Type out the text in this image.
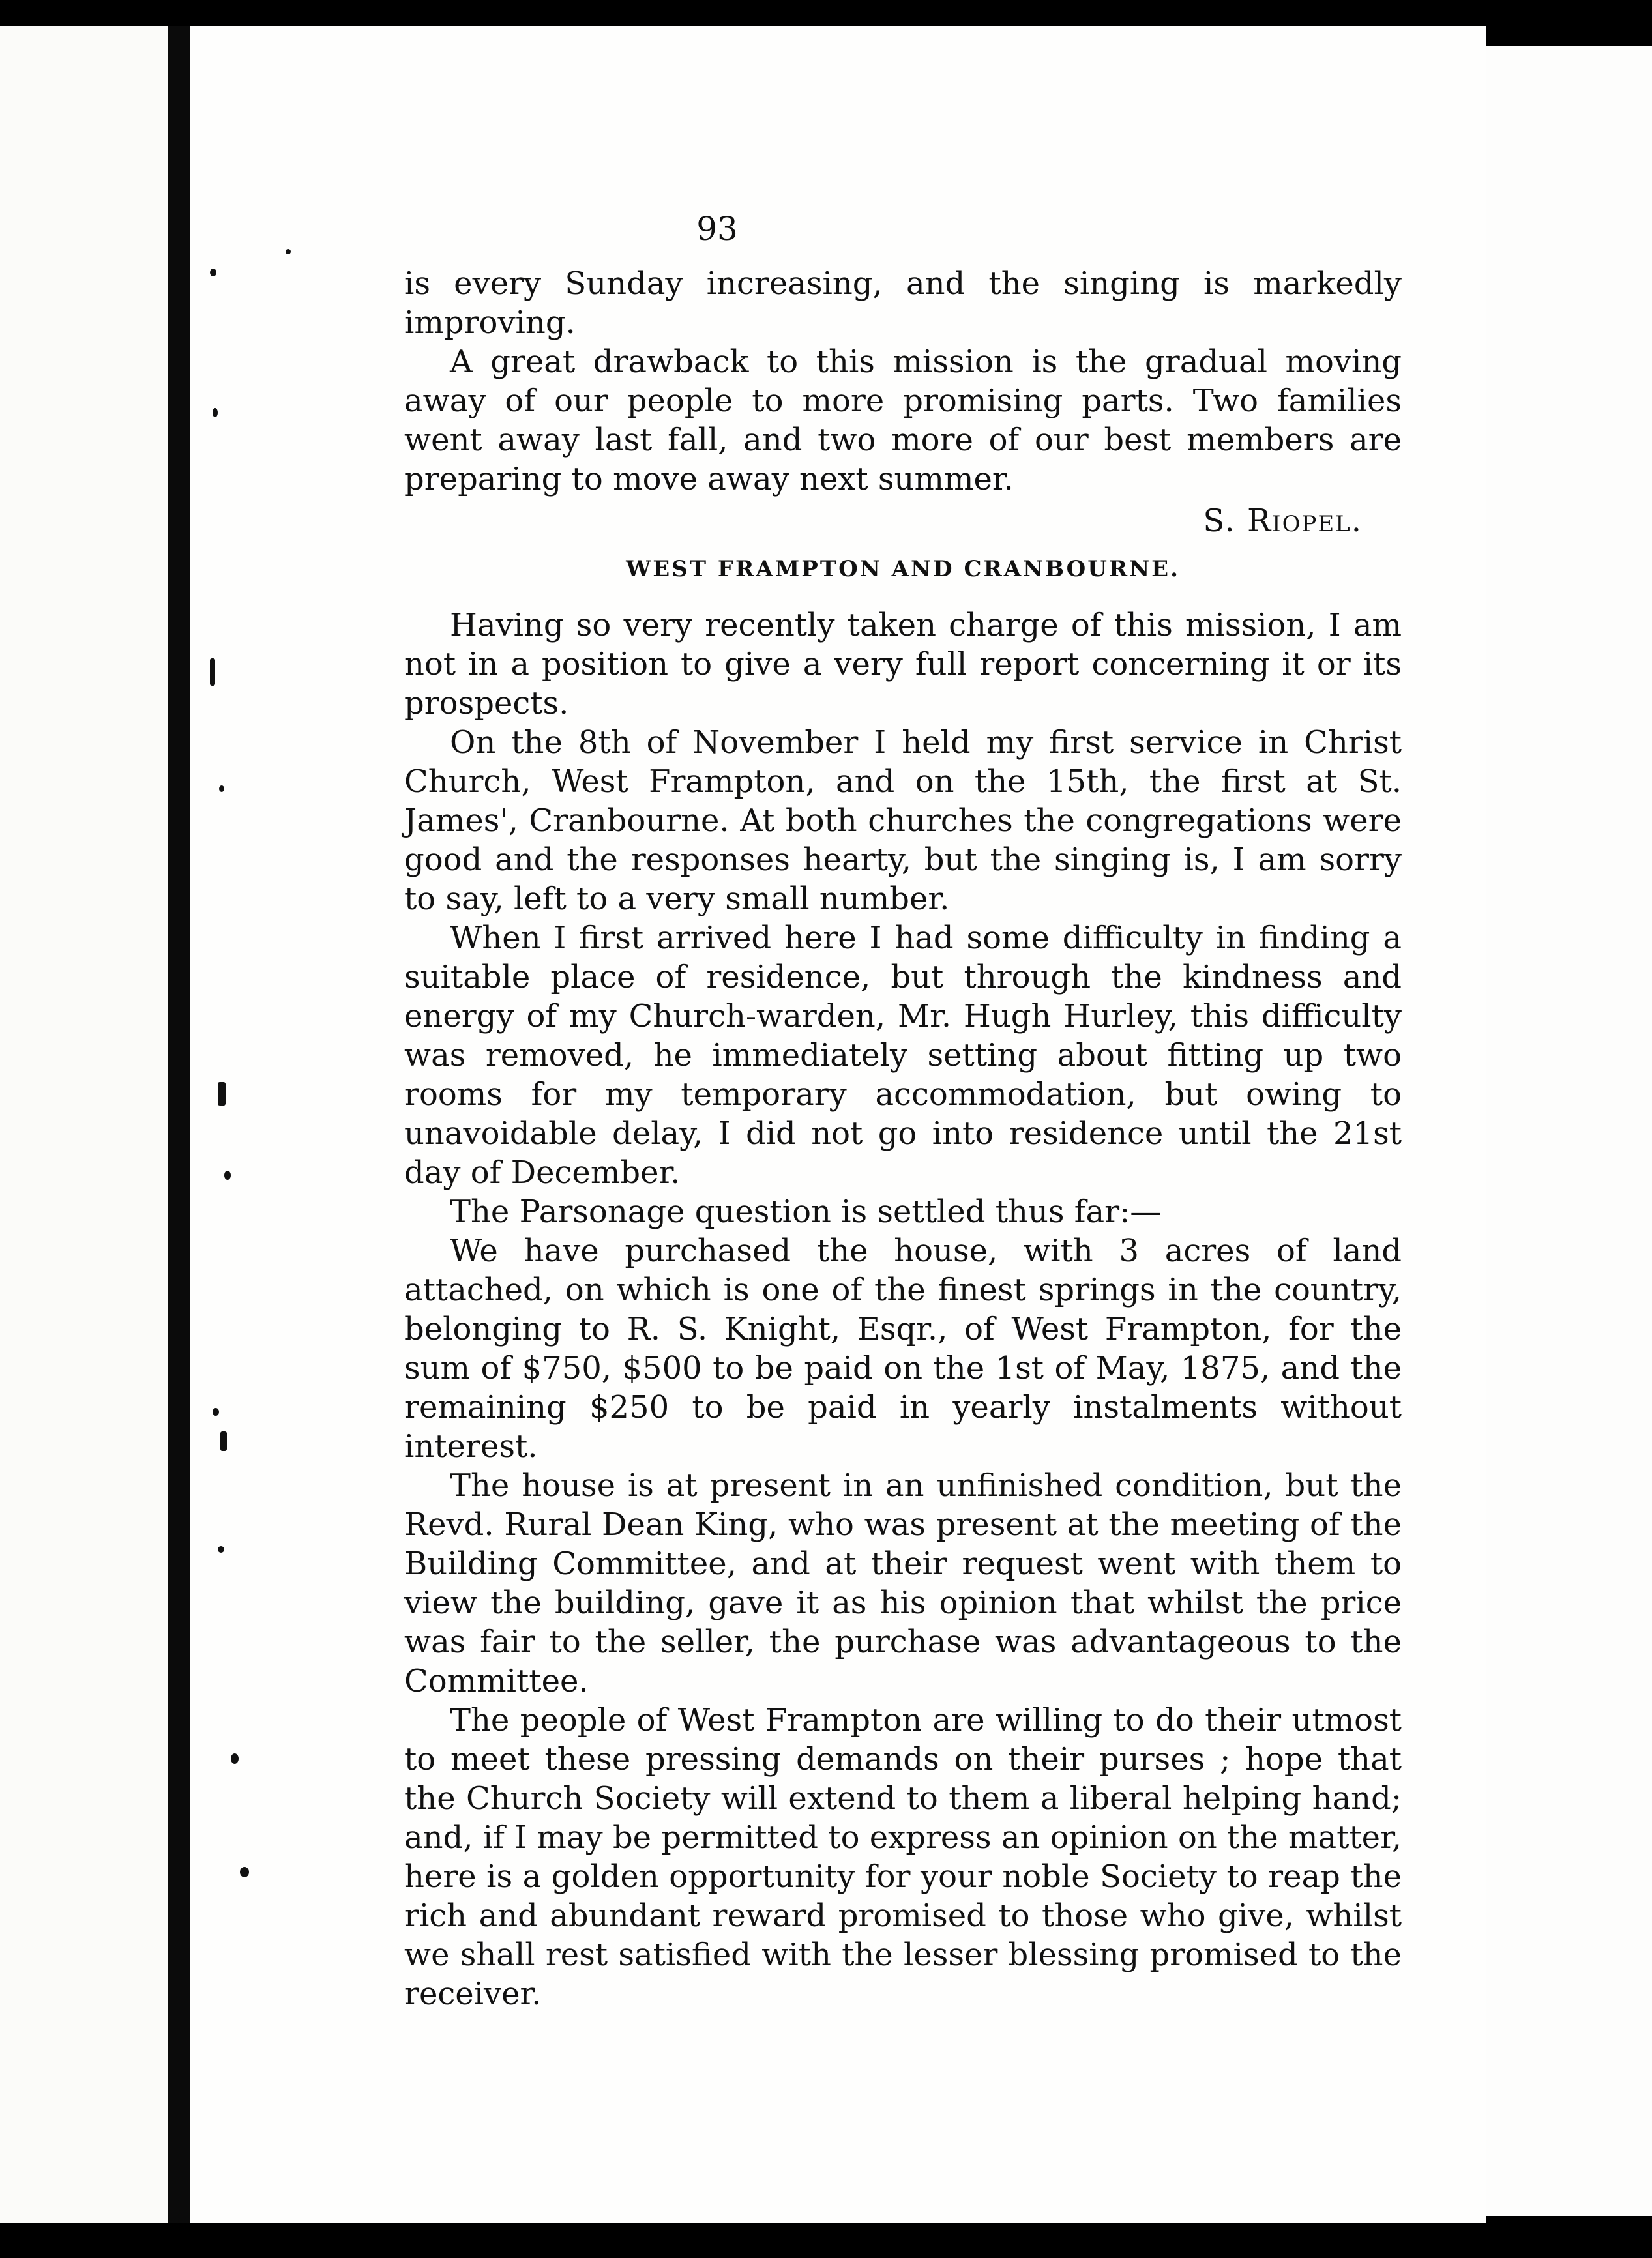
93

is every Sunday increasing, and the singing is markedly improving.

A great drawback to this mission is the gradual moving away of our people to more promising parts. Two families went away last fall, and two more of our best members are preparing to move away next summer.

S. Riopel.
WEST FRAMPTON AND CRANBOURNE.

Having so very recently taken charge of this mission, I am not in a position to give a very full report concerning it or its prospects.

On the 8th of November I held my first service in Christ Church, West Frampton, and on the 15th, the first at St. James', Cranbourne. At both churches the congregations were good and the responses hearty, but the singing is, I am sorry to say, left to a very small number.

When I first arrived here I had some difficulty in finding a suitable place of residence, but through the kindness and energy of my Church-warden, Mr. Hugh Hurley, this difficulty was removed, he immediately setting about fitting up two rooms for my temporary accommodation, but owing to unavoidable delay, I did not go into residence until the 21st day of December.

The Parsonage question is settled thus far:—

We have purchased the house, with 3 acres of land attached, on which is one of the finest springs in the country, belonging to R. S. Knight, Esqr., of West Frampton, for the sum of $750, $500 to be paid on the 1st of May, 1875, and the remaining $250 to be paid in yearly instalments without interest.

The house is at present in an unfinished condition, but the Revd. Rural Dean King, who was present at the meeting of the Building Committee, and at their request went with them to view the building, gave it as his opinion that whilst the price was fair to the seller, the purchase was advantageous to the Committee.

The people of West Frampton are willing to do their utmost to meet these pressing demands on their purses ; hope that the Church Society will extend to them a liberal helping hand; and, if I may be permitted to express an opinion on the matter, here is a golden opportunity for your noble Society to reap the rich and abundant reward promised to those who give, whilst we shall rest satisfied with the lesser blessing promised to the receiver.
